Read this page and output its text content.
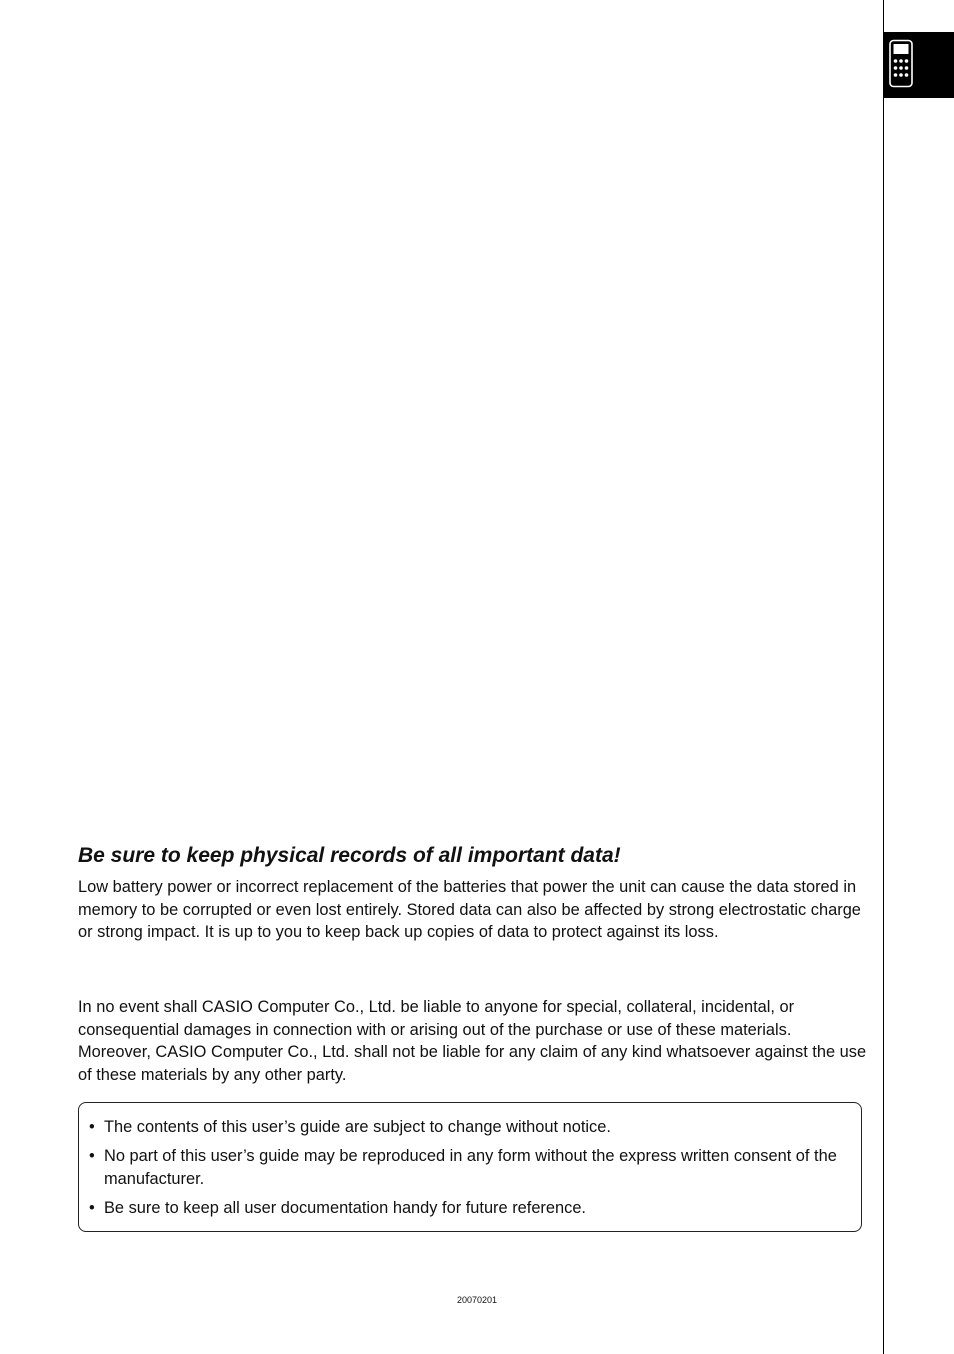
Be sure to keep physical records of all important data!

Low battery power or incorrect replacement of the batteries that power the unit can cause the data stored in memory to be corrupted or even lost entirely. Stored data can also be affected by strong electrostatic charge or strong impact. It is up to you to keep back up copies of data to protect against its loss.

In no event shall CASIO Computer Co., Ltd. be liable to anyone for special, collateral, incidental, or consequential damages in connection with or arising out of the purchase or use of these materials. Moreover, CASIO Computer Co., Ltd. shall not be liable for any claim of any kind whatsoever against the use of these materials by any other party.

• The contents of this user’s guide are subject to change without notice.
• No part of this user’s guide may be reproduced in any form without the express written consent of the manufacturer.
• Be sure to keep all user documentation handy for future reference.
20070201
